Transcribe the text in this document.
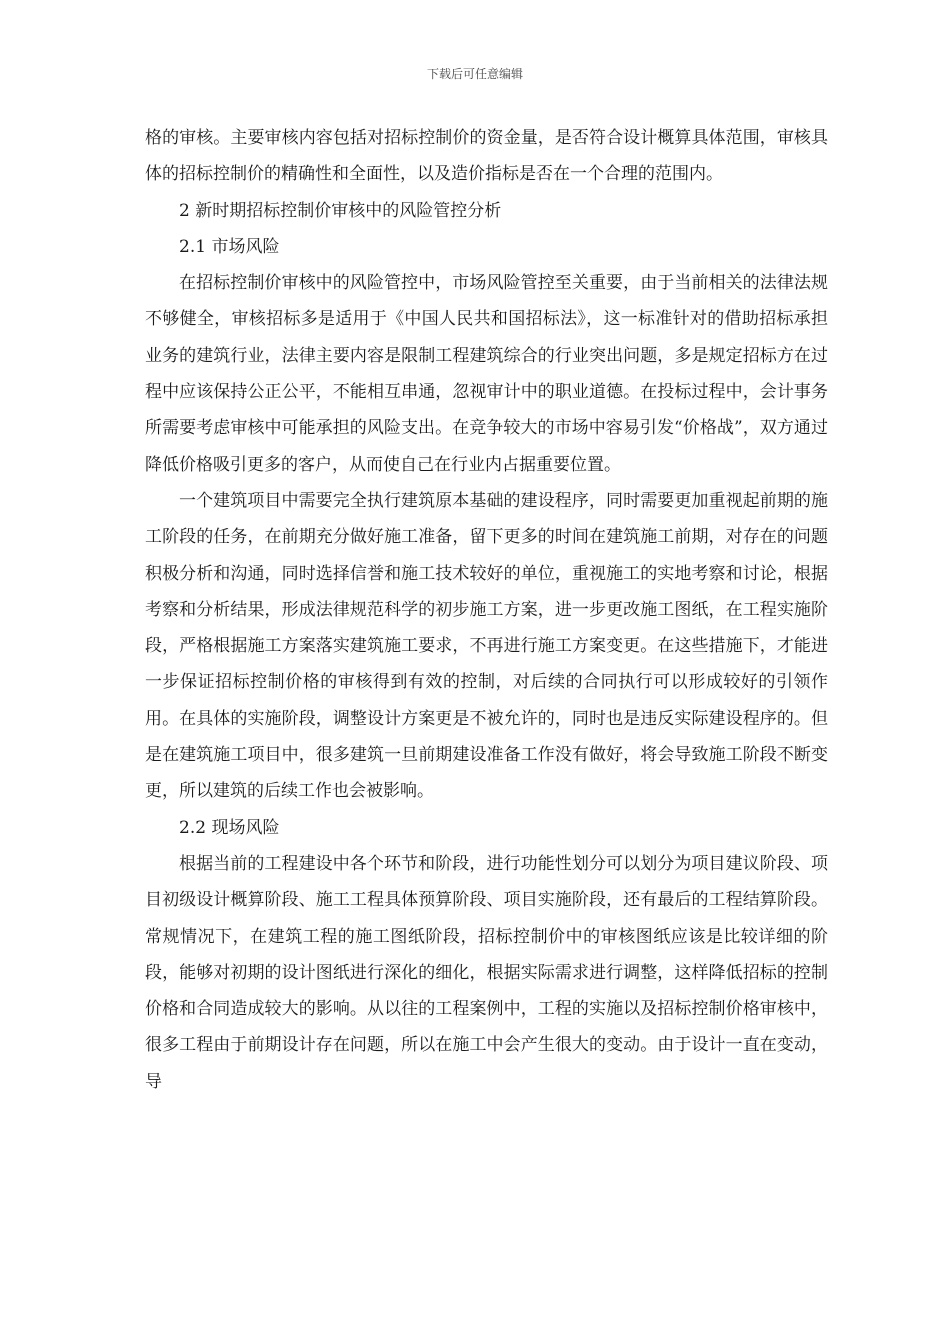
下载后可任意编辑

格的审核。主要审核内容包括对招标控制价的资金量，是否符合设计概算具体范围，审核具体的招标控制价的精确性和全面性，以及造价指标是否在一个合理的范围内。

2 新时期招标控制价审核中的风险管控分析

2.1 市场风险

在招标控制价审核中的风险管控中，市场风险管控至关重要，由于当前相关的法律法规不够健全，审核招标多是适用于《中国人民共和国招标法》，这一标准针对的借助招标承担业务的建筑行业，法律主要内容是限制工程建筑综合的行业突出问题，多是规定招标方在过程中应该保持公正公平，不能相互串通，忽视审计中的职业道德。在投标过程中，会计事务所需要考虑审核中可能承担的风险支出。在竞争较大的市场中容易引发“价格战”，双方通过降低价格吸引更多的客户，从而使自己在行业内占据重要位置。

一个建筑项目中需要完全执行建筑原本基础的建设程序，同时需要更加重视起前期的施工阶段的任务，在前期充分做好施工准备，留下更多的时间在建筑施工前期，对存在的问题积极分析和沟通，同时选择信誉和施工技术较好的单位，重视施工的实地考察和讨论，根据考察和分析结果，形成法律规范科学的初步施工方案，进一步更改施工图纸，在工程实施阶段，严格根据施工方案落实建筑施工要求，不再进行施工方案变更。在这些措施下，才能进一步保证招标控制价格的审核得到有效的控制，对后续的合同执行可以形成较好的引领作用。在具体的实施阶段，调整设计方案更是不被允许的，同时也是违反实际建设程序的。但是在建筑施工项目中，很多建筑一旦前期建设准备工作没有做好，将会导致施工阶段不断变更，所以建筑的后续工作也会被影响。

2.2 现场风险

根据当前的工程建设中各个环节和阶段，进行功能性划分可以划分为项目建议阶段、项目初级设计概算阶段、施工工程具体预算阶段、项目实施阶段，还有最后的工程结算阶段。常规情况下，在建筑工程的施工图纸阶段，招标控制价中的审核图纸应该是比较详细的阶段，能够对初期的设计图纸进行深化的细化，根据实际需求进行调整，这样降低招标的控制价格和合同造成较大的影响。从以往的工程案例中，工程的实施以及招标控制价格审核中，很多工程由于前期设计存在问题，所以在施工中会产生很大的变动。由于设计一直在变动，导
